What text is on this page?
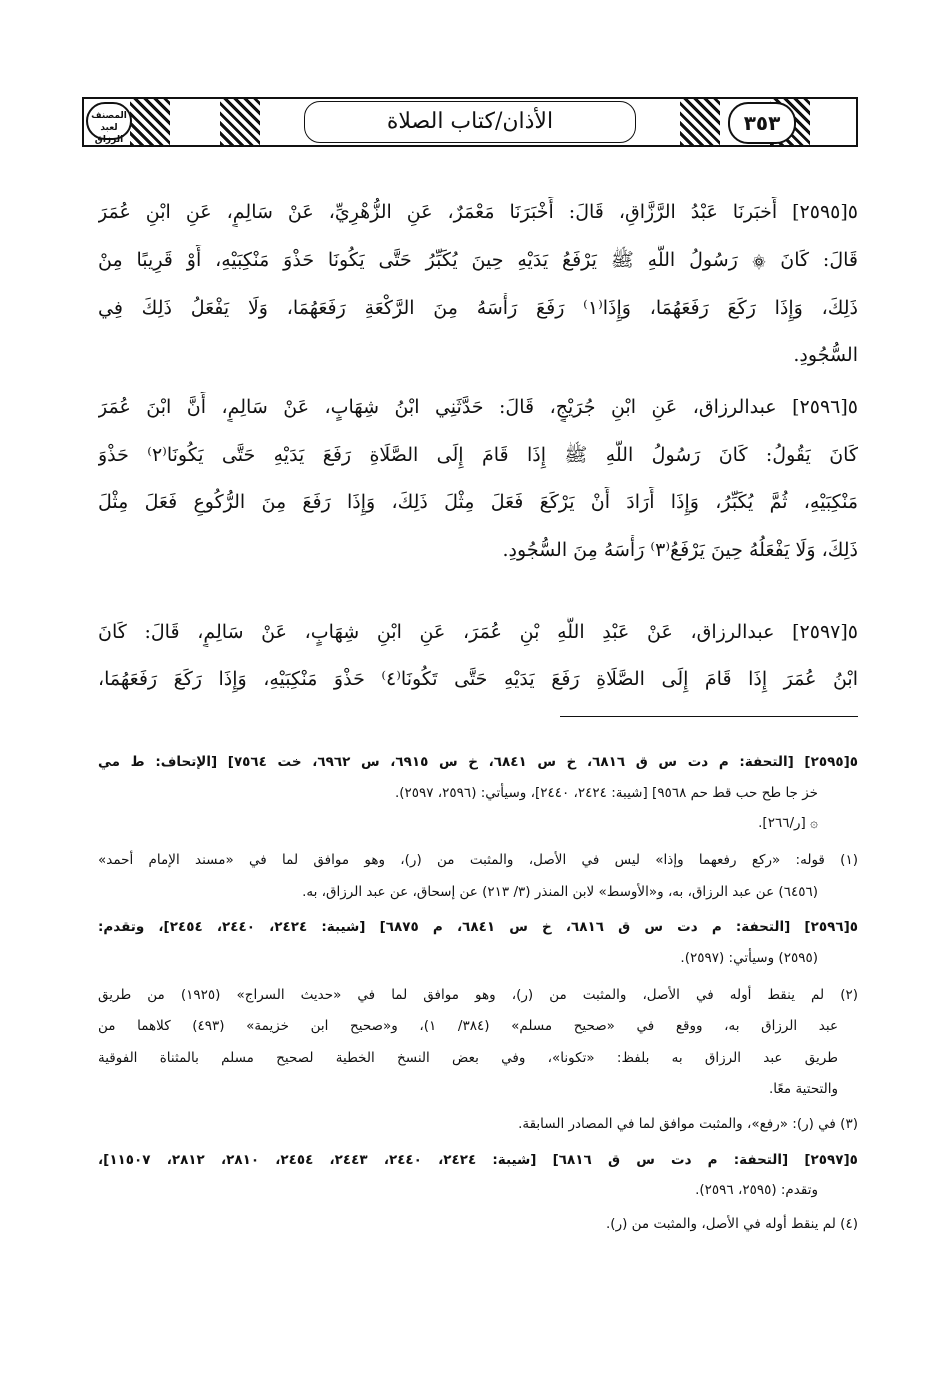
المصنف لعبد الرزاق
٣٥٣
الأذان/كتاب الصلاة
٥[٢٥٩٥] أَخبَرنَا عَبْدُ الرَّزَّاقِ، قَالَ: أَخْبَرَنَا مَعْمَرٌ، عَنِ الزُّهْرِيِّ، عَنْ سَالِمٍ، عَنِ ابْنِ عُمَرَ
قَالَ: كَانَ ۞ رَسُولُ اللَّهِ ﷺ يَرْفَعُ يَدَيْهِ حِينَ يُكَبِّرُ حَتَّى يَكُونَا حَذْوَ مَنْكِبَيْهِ، أَوْ قَرِيبًا مِنْ
ذَلِكَ، وَإِذَا رَكَعَ رَفَعَهُمَا، وَإِذَا⁽١⁾ رَفَعَ رَأْسَهُ مِنَ الرَّكْعَةِ رَفَعَهُمَا، وَلَا يَفْعَلُ ذَلِكَ فِي
السُّجُودِ.
٥[٢٥٩٦] عبدالرزاق، عَنِ ابْنِ جُرَيْجٍ، قَالَ: حَدَّثَنِي ابْنُ شِهَابٍ، عَنْ سَالِمٍ، أَنَّ ابْنَ عُمَرَ
كَانَ يَقُولُ: كَانَ رَسُولُ اللَّهِ ﷺ إِذَا قَامَ إِلَى الصَّلَاةِ رَفَعَ يَدَيْهِ حَتَّى يَكُونَا⁽٢⁾ حَذْوَ
مَنْكِبَيْهِ، ثُمَّ يُكَبِّرُ، وَإِذَا أَرَادَ أَنْ يَرْكَعَ فَعَلَ مِثْلَ ذَلِكَ، وَإِذَا رَفَعَ مِنَ الرُّكُوعِ فَعَلَ مِثْلَ
ذَلِكَ، وَلَا يَفْعَلُهُ حِينَ يَرْفَعُ⁽٣⁾ رَأْسَهُ مِنَ السُّجُودِ.
٥[٢٥٩٧] عبدالرزاق، عَنْ عَبْدِ اللَّهِ بْنِ عُمَرَ، عَنِ ابْنِ شِهَابٍ، عَنْ سَالِمٍ، قَالَ: كَانَ
ابْنُ عُمَرَ إِذَا قَامَ إِلَى الصَّلَاةِ رَفَعَ يَدَيْهِ حَتَّى تَكُونَا⁽٤⁾ حَذْوَ مَنْكِبَيْهِ، وَإِذَا رَكَعَ رَفَعَهُمَا،
٥[٢٥٩٥] [التحفة: م دت س ق ٦٨١٦، خ س ٦٨٤١، خ س ٦٩١٥، س ٦٩٦٢، خت ٧٥٦٤] [الإتحاف: ط مي
خز جا طح حب قط حم ٩٥٦٨] [شيبة: ٢٤٢٤، ٢٤٤٠]، وسيأتي: (٢٥٩٦، ٢٥٩٧).
۞ [ر/٢٦٦].
(١) قوله: «ركع رفعهما وإذا» ليس في الأصل، والمثبت من (ر)، وهو موافق لما في «مسند الإمام أحمد»
(٦٤٥٦) عن عبد الرزاق، به، و«الأوسط» لابن المنذر (٣/ ٢١٣) عن إسحاق، عن عبد الرزاق، به.
٥[٢٥٩٦] [التحفة: م دت س ق ٦٨١٦، خ س ٦٨٤١، م ٦٨٧٥] [شيبة: ٢٤٢٤، ٢٤٤٠، ٢٤٥٤]، وتقدم:
(٢٥٩٥) وسيأتي: (٢٥٩٧).
(٢) لم ينقط أوله في الأصل، والمثبت من (ر)، وهو موافق لما في «حديث السراج» (١٩٢٥) من طريق
عبد الرزاق به، ووقع في «صحيح مسلم» (٣٨٤/ ١)، و«صحيح ابن خزيمة» (٤٩٣) كلاهما من
طريق عبد الرزاق به بلفظ: «تكونا»، وفي بعض النسخ الخطية لصحيح مسلم بالمثناة الفوقية
والتحتية معًا.
(٣) في (ر): «رفع»، والمثبت موافق لما في المصادر السابقة.
٥[٢٥٩٧] [التحفة: م دت س ق ٦٨١٦] [شيبة: ٢٤٢٤، ٢٤٤٠، ٢٤٤٣، ٢٤٥٤، ٢٨١٠، ٢٨١٢، ١١٥٠٧]،
وتقدم: (٢٥٩٥، ٢٥٩٦).
(٤) لم ينقط أوله في الأصل، والمثبت من (ر).
